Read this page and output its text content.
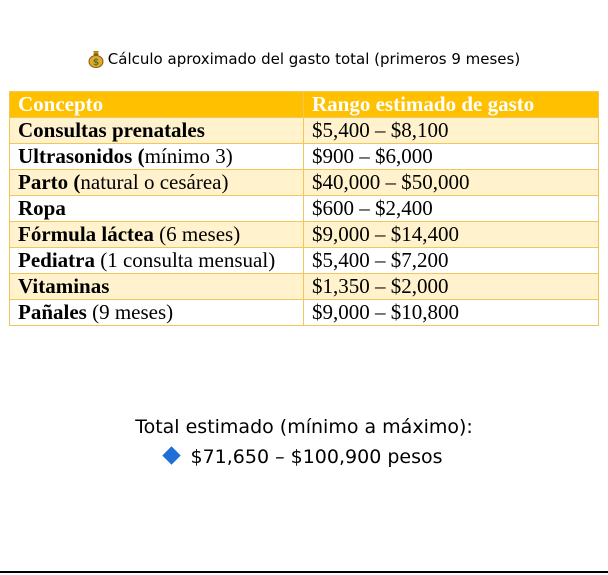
$ Cálculo aproximado del gasto total (primeros 9 meses)
Concepto	Rango estimado de gasto
Consultas prenatales	$5,400 – $8,100
Ultrasonidos (mínimo 3)	$900 – $6,000
Parto (natural o cesárea)	$40,000 – $50,000
Ropa	$600 – $2,400
Fórmula láctea (6 meses)	$9,000 – $14,400
Pediatra (1 consulta mensual)	$5,400 – $7,200
Vitaminas	$1,350 – $2,000
Pañales (9 meses)	$9,000 – $10,800
Total estimado (mínimo a máximo):
$71,650 – $100,900 pesos
